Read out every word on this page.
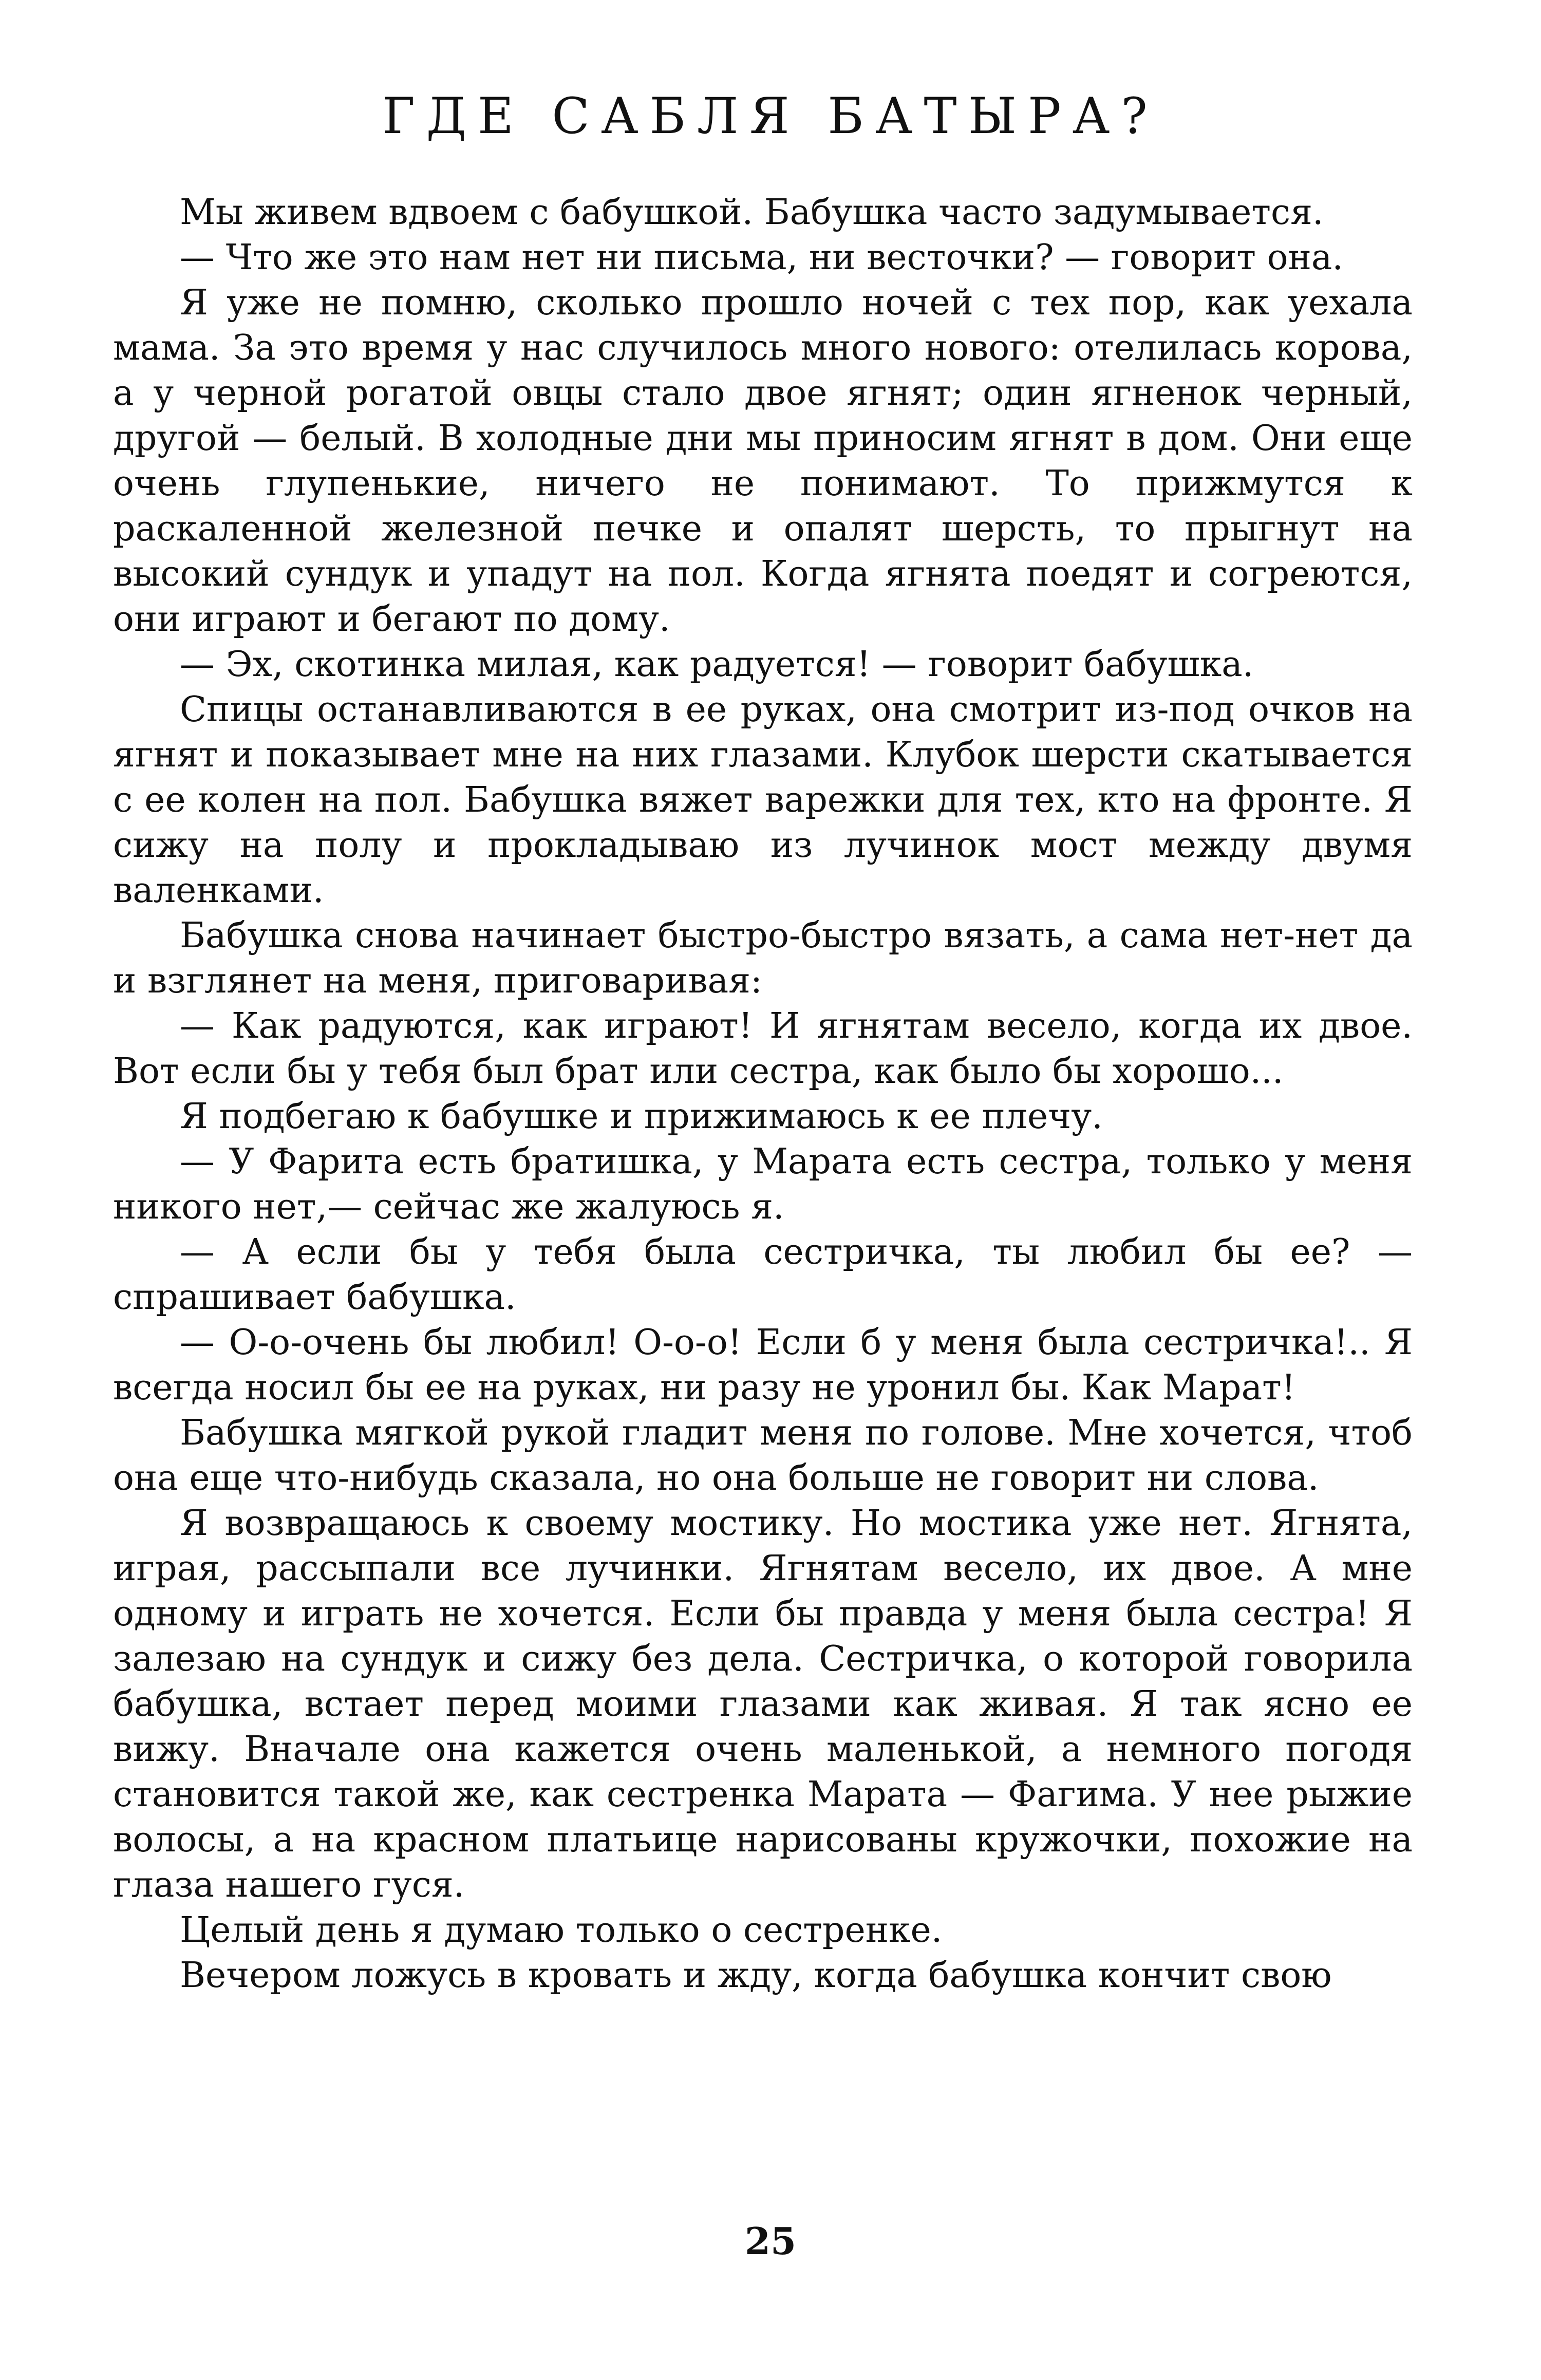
ГДЕ САБЛЯ БАТЫРА?

Мы живем вдвоем с бабушкой. Бабушка часто задумывается.

— Что же это нам нет ни письма, ни весточки? — говорит она.

Я уже не помню, сколько прошло ночей с тех пор, как уехала мама. За это время у нас случилось много нового: отелилась корова, а у черной рогатой овцы стало двое ягнят; один ягненок черный, другой — белый. В холодные дни мы приносим ягнят в дом. Они еще очень глупенькие, ничего не понимают. То прижмутся к раскаленной железной печке и опалят шерсть, то прыгнут на высокий сундук и упадут на пол. Когда ягнята поедят и согреются, они играют и бегают по дому.

— Эх, скотинка милая, как радуется! — говорит бабушка.

Спицы останавливаются в ее руках, она смотрит из-под очков на ягнят и показывает мне на них глазами. Клубок шерсти скатывается с ее колен на пол. Бабушка вяжет варежки для тех, кто на фронте. Я сижу на полу и прокладываю из лучинок мост между двумя валенками.

Бабушка снова начинает быстро-быстро вязать, а сама нет-нет да и взглянет на меня, приговаривая:

— Как радуются, как играют! И ягнятам весело, когда их двое. Вот если бы у тебя был брат или сестра, как было бы хорошо...

Я подбегаю к бабушке и прижимаюсь к ее плечу.

— У Фарита есть братишка, у Марата есть сестра, только у меня никого нет,— сейчас же жалуюсь я.

— А если бы у тебя была сестричка, ты любил бы ее? — спрашивает бабушка.

— О-о-очень бы любил! О-о-о! Если б у меня была сестричка!.. Я всегда носил бы ее на руках, ни разу не уронил бы. Как Марат!

Бабушка мягкой рукой гладит меня по голове. Мне хочется, чтоб она еще что-нибудь сказала, но она больше не говорит ни слова.

Я возвращаюсь к своему мостику. Но мостика уже нет. Ягнята, играя, рассыпали все лучинки. Ягнятам весело, их двое. А мне одному и играть не хочется. Если бы правда у меня была сестра! Я залезаю на сундук и сижу без дела. Сестричка, о которой говорила бабушка, встает перед моими глазами как живая. Я так ясно ее вижу. Вначале она кажется очень маленькой, а немного погодя становится такой же, как сестренка Марата — Фагима. У нее рыжие волосы, а на красном платьице нарисованы кружочки, похожие на глаза нашего гуся.

Целый день я думаю только о сестренке.

Вечером ложусь в кровать и жду, когда бабушка кончит свою

25
